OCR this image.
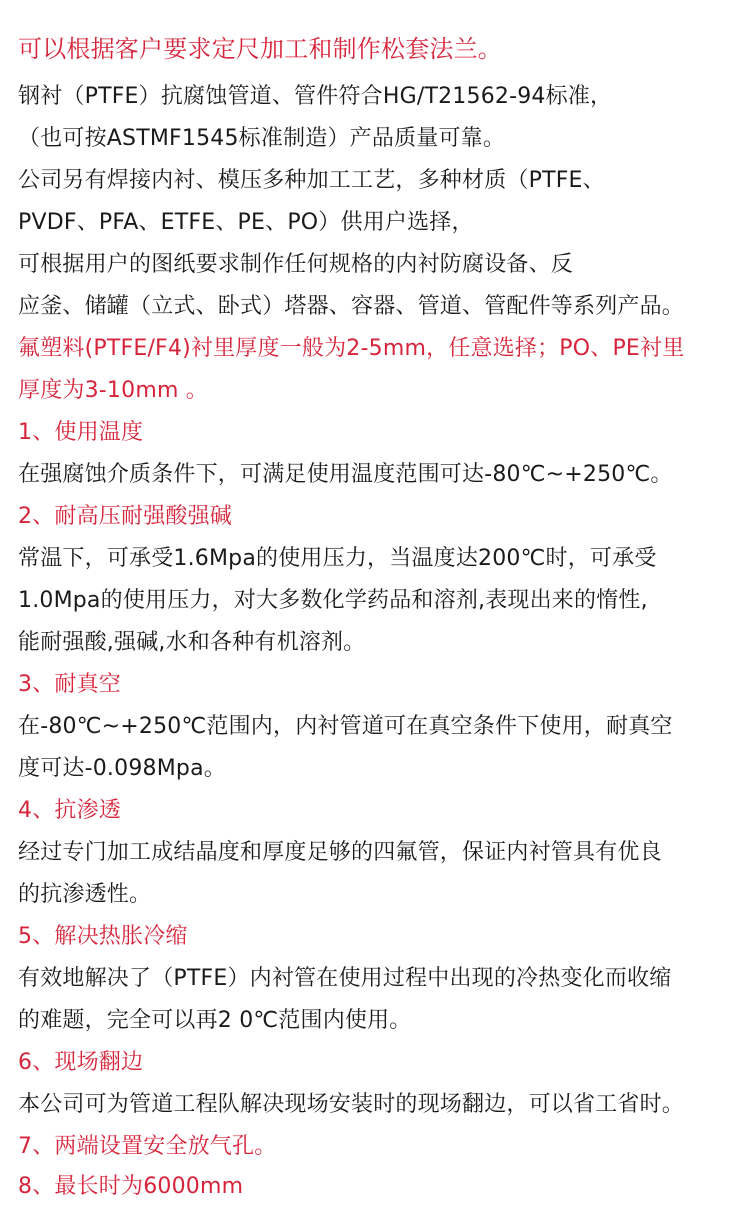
可以根据客户要求定尺加工和制作松套法兰。
钢衬（PTFE）抗腐蚀管道、管件符合HG/T21562-94标准，
（也可按ASTMF1545标准制造）产品质量可靠。
公司另有焊接内衬、模压多种加工工艺，多种材质（PTFE、
PVDF、PFA、ETFE、PE、PO）供用户选择，
可根据用户的图纸要求制作任何规格的内衬防腐设备、反
应釜、储罐（立式、卧式）塔器、容器、管道、管配件等系列产品。
氟塑料(PTFE/F4)衬里厚度一般为2-5mm，任意选择；PO、PE衬里
厚度为3-10mm 。
1、使用温度
在强腐蚀介质条件下，可满足使用温度范围可达-80℃~+250℃。
2、耐高压耐强酸强碱
常温下，可承受1.6Mpa的使用压力，当温度达200℃时，可承受
1.0Mpa的使用压力，对大多数化学药品和溶剂,表现出来的惰性,
能耐强酸,强碱,水和各种有机溶剂。
3、耐真空
在-80℃~+250℃范围内，内衬管道可在真空条件下使用，耐真空
度可达-0.098Mpa。
4、抗渗透
经过专门加工成结晶度和厚度足够的四氟管，保证内衬管具有优良
的抗渗透性。
5、解决热胀冷缩
有效地解决了（PTFE）内衬管在使用过程中出现的冷热变化而收缩
的难题，完全可以再2 0℃范围内使用。
6、现场翻边
本公司可为管道工程队解决现场安装时的现场翻边，可以省工省时。
7、两端设置安全放气孔。
8、最长时为6000mm
